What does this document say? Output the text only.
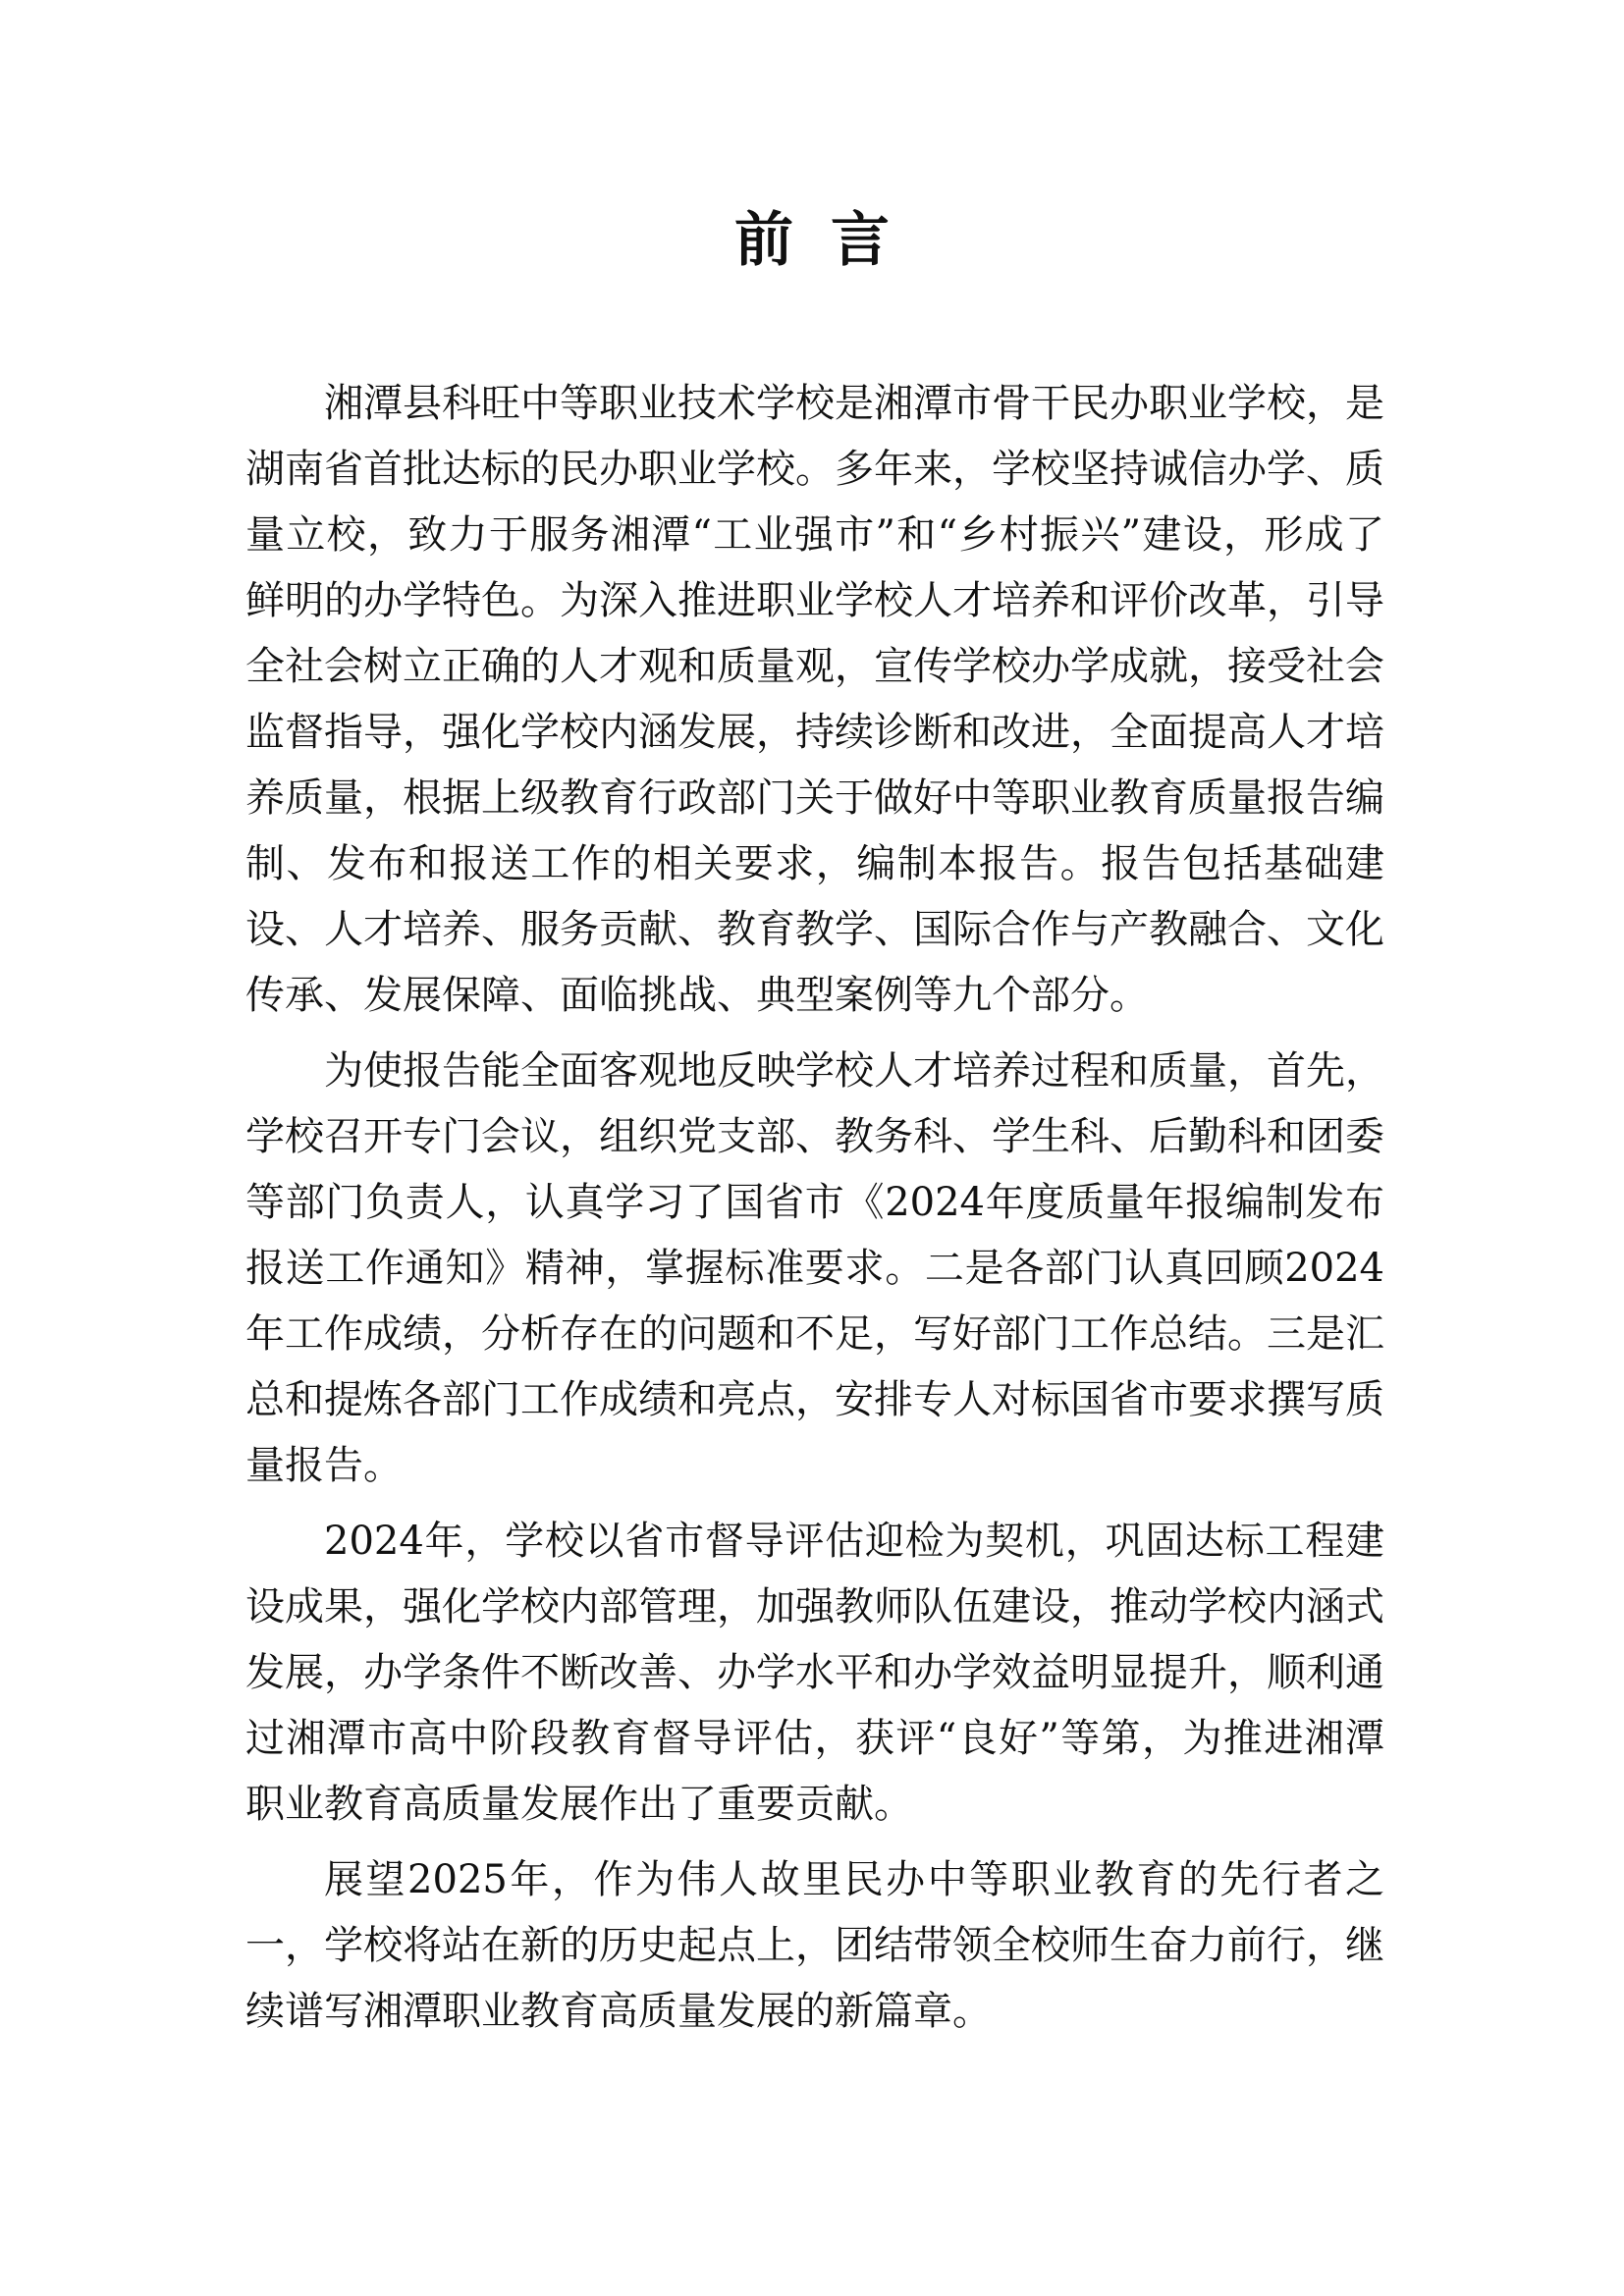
前言

湘潭县科旺中等职业技术学校是湘潭市骨干民办职业学校，是湖南省首批达标的民办职业学校。多年来，学校坚持诚信办学、质量立校，致力于服务湘潭“工业强市”和“乡村振兴”建设，形成了鲜明的办学特色。为深入推进职业学校人才培养和评价改革，引导全社会树立正确的人才观和质量观，宣传学校办学成就，接受社会监督指导，强化学校内涵发展，持续诊断和改进，全面提高人才培养质量，根据上级教育行政部门关于做好中等职业教育质量报告编制、发布和报送工作的相关要求，编制本报告。报告包括基础建设、人才培养、服务贡献、教育教学、国际合作与产教融合、文化传承、发展保障、面临挑战、典型案例等九个部分。

为使报告能全面客观地反映学校人才培养过程和质量，首先，学校召开专门会议，组织党支部、教务科、学生科、后勤科和团委等部门负责人，认真学习了国省市《2024年度质量年报编制发布报送工作通知》精神，掌握标准要求。二是各部门认真回顾2024年工作成绩，分析存在的问题和不足，写好部门工作总结。三是汇总和提炼各部门工作成绩和亮点，安排专人对标国省市要求撰写质量报告。

2024年，学校以省市督导评估迎检为契机，巩固达标工程建设成果，强化学校内部管理，加强教师队伍建设，推动学校内涵式发展，办学条件不断改善、办学水平和办学效益明显提升，顺利通过湘潭市高中阶段教育督导评估，获评“良好”等第，为推进湘潭职业教育高质量发展作出了重要贡献。

展望2025年，作为伟人故里民办中等职业教育的先行者之一，学校将站在新的历史起点上，团结带领全校师生奋力前行，继续谱写湘潭职业教育高质量发展的新篇章。
